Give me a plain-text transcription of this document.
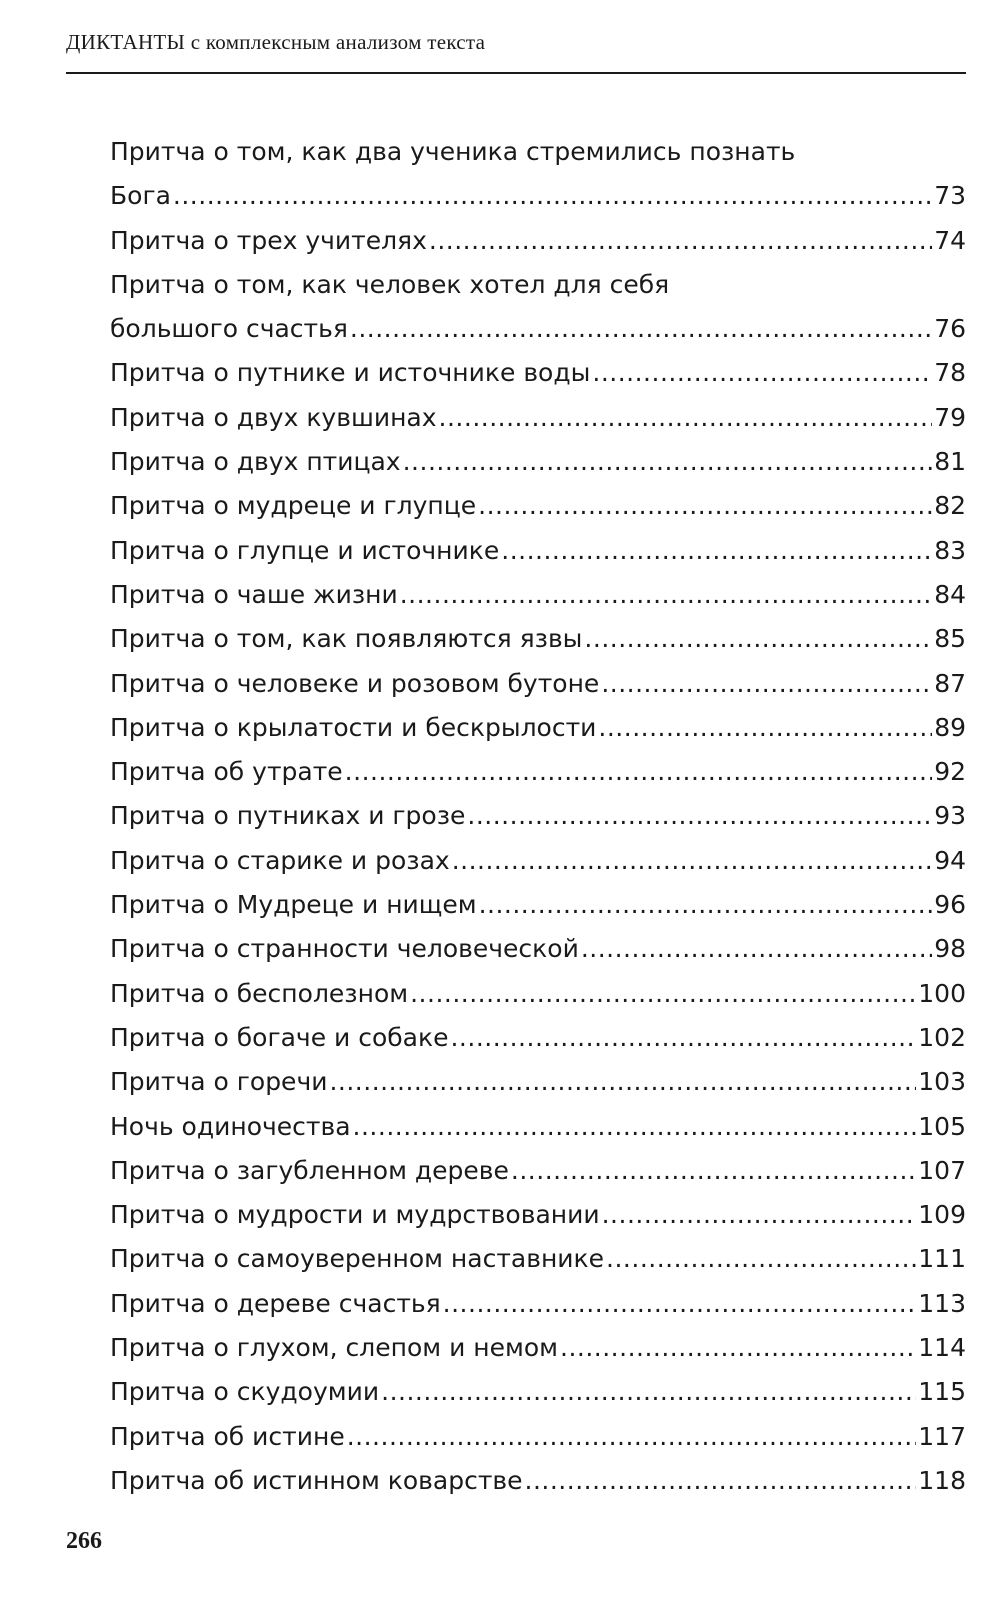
ДИКТАНТЫ с комплексным анализом текста
Притча о том, как два ученика стремились познать
Бога .....	73
Притча о трех учителях .....	74
Притча о том, как человек хотел для себя
большого счастья .....	76
Притча о путнике и источнике воды .....	78
Притча о двух кувшинах .....	79
Притча о двух птицах .....	81
Притча о мудреце и глупце .....	82
Притча о глупце и источнике .....	83
Притча о чаше жизни .....	84
Притча о том, как появляются язвы .....	85
Притча о человеке и розовом бутоне .....	87
Притча о крылатости и бескрылости .....	89
Притча об утрате .....	92
Притча о путниках и грозе .....	93
Притча о старике и розах .....	94
Притча о Мудреце и нищем .....	96
Притча о странности человеческой .....	98
Притча о бесполезном .....	100
Притча о богаче и собаке .....	102
Притча о горечи .....	103
Ночь одиночества .....	105
Притча о загубленном дереве .....	107
Притча о мудрости и мудрствовании .....	109
Притча о самоуверенном наставнике .....	111
Притча о дереве счастья .....	113
Притча о глухом, слепом и немом .....	114
Притча о скудоумии .....	115
Притча об истине .....	117
Притча об истинном коварстве .....	118
266
